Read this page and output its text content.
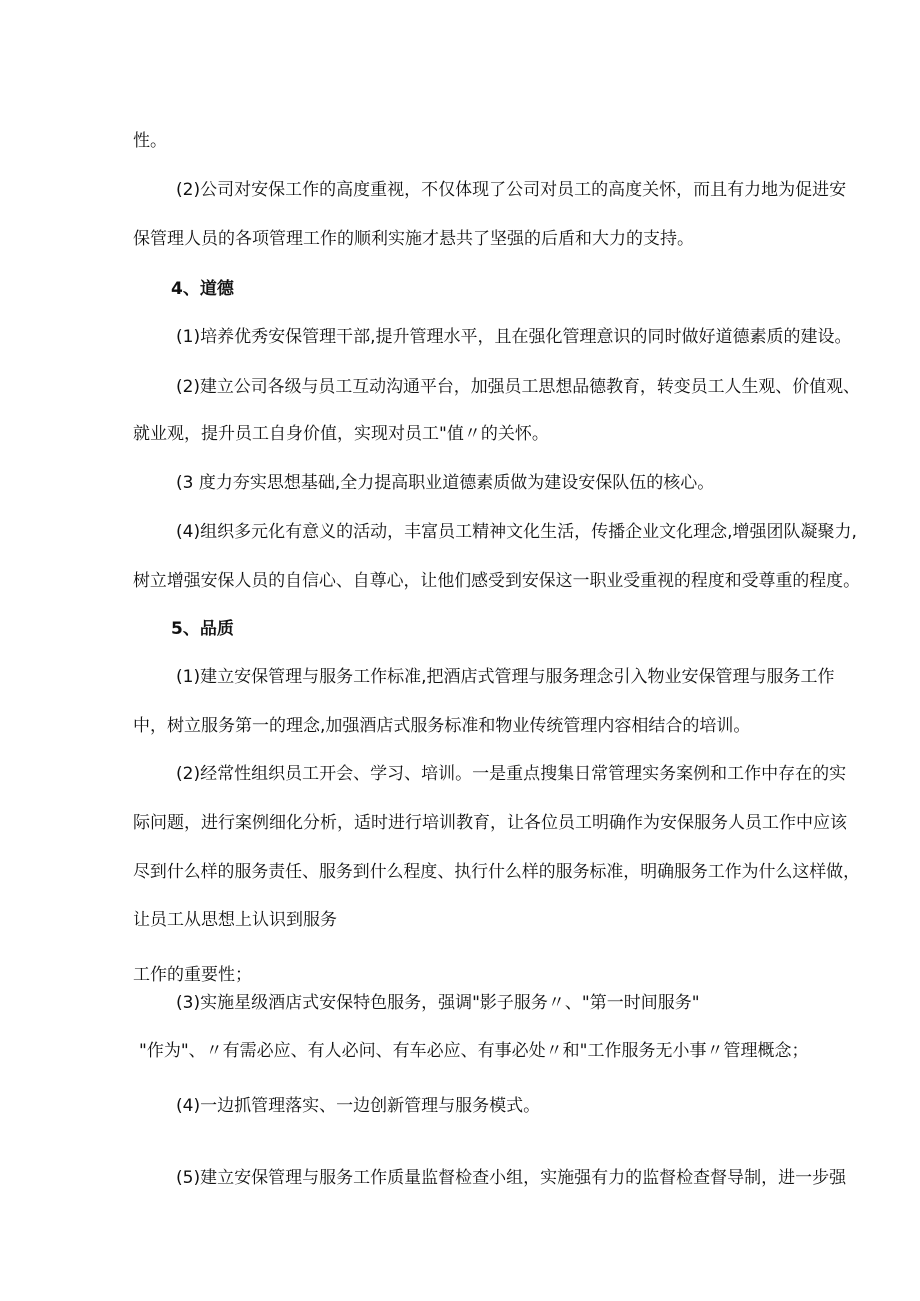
性。
(2)公司对安保工作的高度重视，不仅体现了公司对员工的高度关怀，而且有力地为促进安
保管理人员的各项管理工作的顺利实施才悬共了坚强的后盾和大力的支持。
4、道德
(1)培养优秀安保管理干部,提升管理水平，且在强化管理意识的同时做好道德素质的建设。
(2)建立公司各级与员工互动沟通平台，加强员工思想品德教育，转变员工人生观、价值观、
就业观，提升员工自身价值，实现对员工"值〃的关怀。
(3 度力夯实思想基础,全力提高职业道德素质做为建设安保队伍的核心。
(4)组织多元化有意义的活动，丰富员工精神文化生活，传播企业文化理念,增强团队凝聚力,
树立增强安保人员的自信心、自尊心，让他们感受到安保这一职业受重视的程度和受尊重的程度。
5、品质
(1)建立安保管理与服务工作标准,把酒店式管理与服务理念引入物业安保管理与服务工作
中，树立服务第一的理念,加强酒店式服务标准和物业传统管理内容相结合的培训。
(2)经常性组织员工开会、学习、培训。一是重点搜集日常管理实务案例和工作中存在的实
际问题，进行案例细化分析，适时进行培训教育，让各位员工明确作为安保服务人员工作中应该
尽到什么样的服务责任、服务到什么程度、执行什么样的服务标准，明确服务工作为什么这样做，
让员工从思想上认识到服务
工作的重要性；
(3)实施星级酒店式安保特色服务，强调"影子服务〃、"第一时间服务"
"作为"、〃有需必应、有人必问、有车必应、有事必处〃和"工作服务无小事〃管理概念；
(4)一边抓管理落实、一边创新管理与服务模式。
(5)建立安保管理与服务工作质量监督检查小组，实施强有力的监督检查督导制，进一步强
